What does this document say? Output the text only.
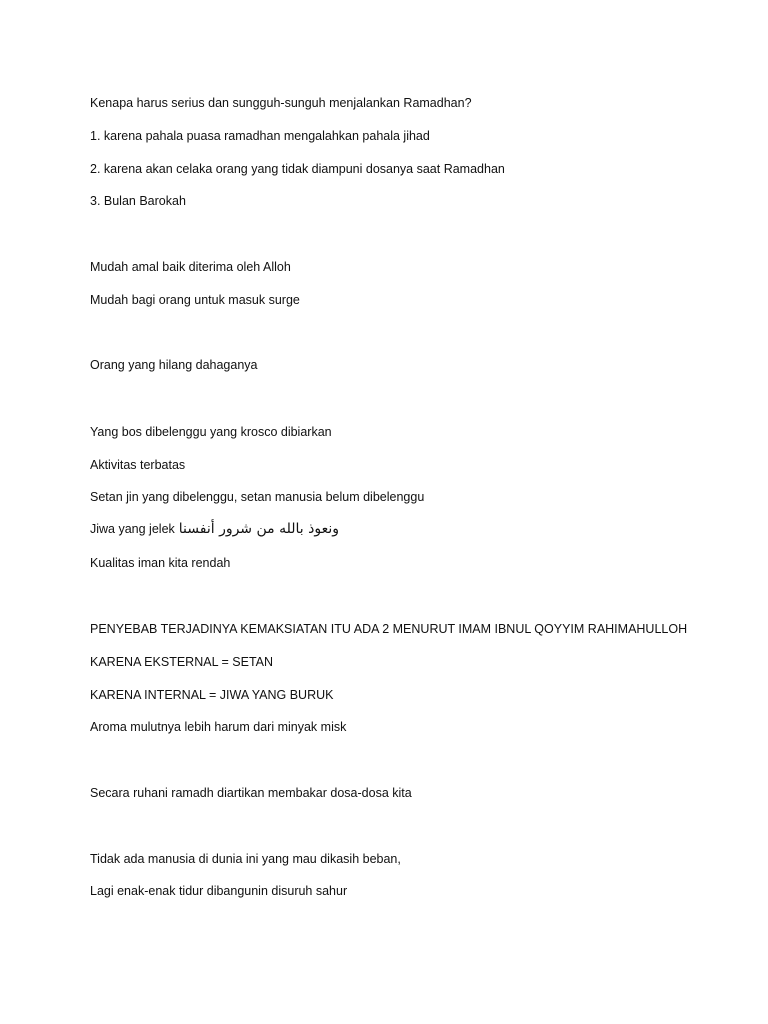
Kenapa harus serius dan sungguh-sunguh menjalankan Ramadhan?
1. karena pahala puasa ramadhan mengalahkan pahala jihad
2. karena akan celaka orang yang tidak diampuni dosanya saat Ramadhan
3. Bulan Barokah
Mudah amal baik diterima oleh Alloh
Mudah bagi orang untuk masuk surge
Orang yang hilang dahaganya
Yang bos dibelenggu yang krosco dibiarkan
Aktivitas terbatas
Setan jin yang dibelenggu, setan manusia belum dibelenggu
Jiwa yang jelek ونعوذ بالله من شرور أنفسنا
Kualitas iman kita rendah
PENYEBAB TERJADINYA KEMAKSIATAN ITU ADA 2 MENURUT IMAM IBNUL QOYYIM RAHIMAHULLOH
KARENA EKSTERNAL = SETAN
KARENA INTERNAL = JIWA YANG BURUK
Aroma mulutnya lebih harum dari minyak misk
Secara ruhani ramadh diartikan membakar dosa-dosa kita
Tidak ada manusia di dunia ini yang mau dikasih beban,
Lagi enak-enak tidur dibangunin disuruh sahur
